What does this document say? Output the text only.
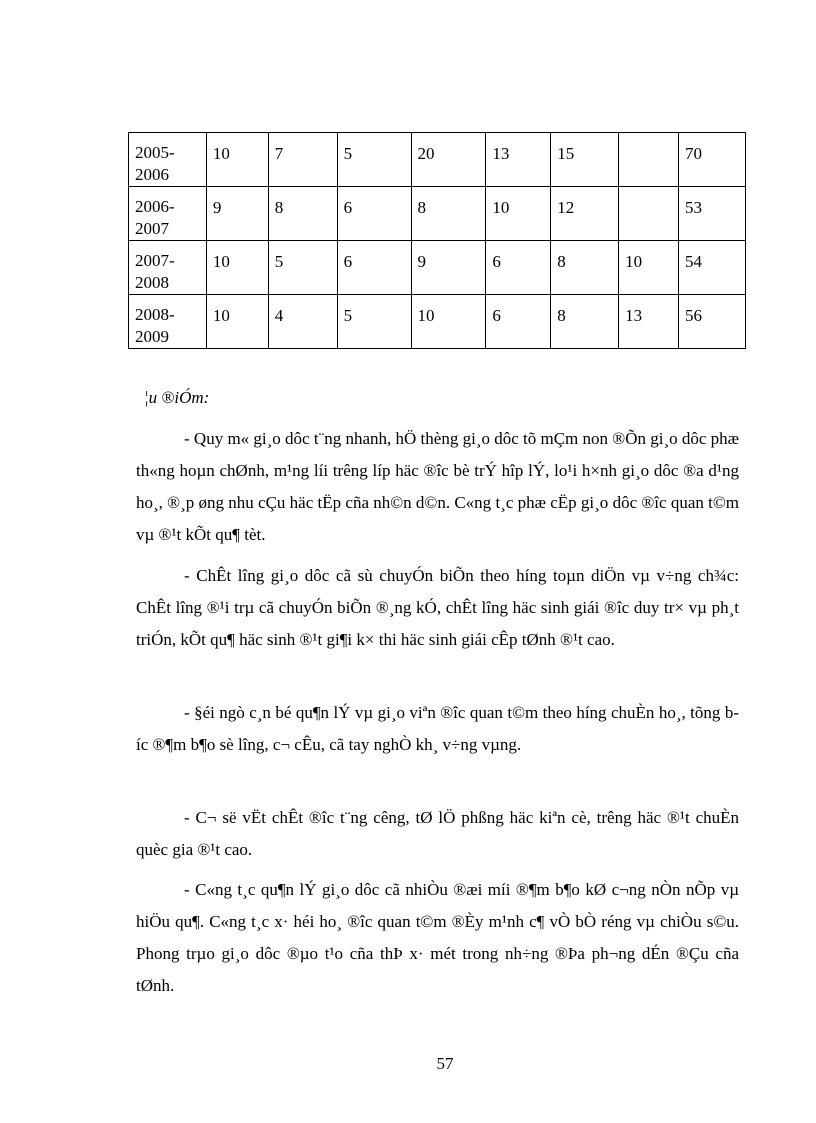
2005-2006	10	7	5	20	13	15		70
2006-2007	9	8	6	8	10	12		53
2007-2008	10	5	6	9	6	8	10	54
2008-2009	10	4	5	10	6	8	13	56
¦u ®iÓm:

- Quy m« gi¸o dôc t¨ng nhanh, hÖ thèng gi¸o dôc tõ mÇm non ®Õn gi¸o dôc phæ th«ng hoµn chØnh, m¹ng líi trêng líp häc ®îc bè trÝ hîp lÝ, lo¹i h×nh gi¸o dôc ®a d¹ng ho¸, ®¸p øng nhu cÇu häc tËp cña nh©n d©n. C«ng t¸c phæ cËp gi¸o dôc ®îc quan t©m vµ ®¹t kÕt qu¶ tèt.

- ChÊt lîng gi¸o dôc cã sù chuyÓn biÕn theo híng toµn diÖn vµ v÷ng ch¾c: ChÊt lîng ®¹i trµ cã chuyÓn biÕn ®¸ng kÓ, chÊt lîng häc sinh giái ®îc duy tr× vµ ph¸t triÓn, kÕt qu¶ häc sinh ®¹t gi¶i k× thi häc sinh giái cÊp tØnh ®¹t cao.

- §éi ngò c¸n bé qu¶n lÝ vµ gi¸o viªn ®îc quan t©m theo híng chuÈn ho¸, tõng bíc ®¶m b¶o sè lîng, c¬ cÊu, cã tay nghÒ kh¸ v÷ng vµng.

- C¬ së vËt chÊt ®îc t¨ng cêng, tØ lÖ phßng häc kiªn cè, trêng häc ®¹t chuÈn quèc gia ®¹t cao.

- C«ng t¸c qu¶n lÝ gi¸o dôc cã nhiÒu ®æi míi ®¶m b¶o kØ c¬ng nÒn nÕp vµ hiÖu qu¶. C«ng t¸c x· héi ho¸ ®îc quan t©m ®Èy m¹nh c¶ vÒ bÒ réng vµ chiÒu s©u. Phong trµo gi¸o dôc ®µo t¹o cña thÞ x· mét trong nh÷ng ®Þa ph¬ng dÉn ®Çu cña tØnh.

57
